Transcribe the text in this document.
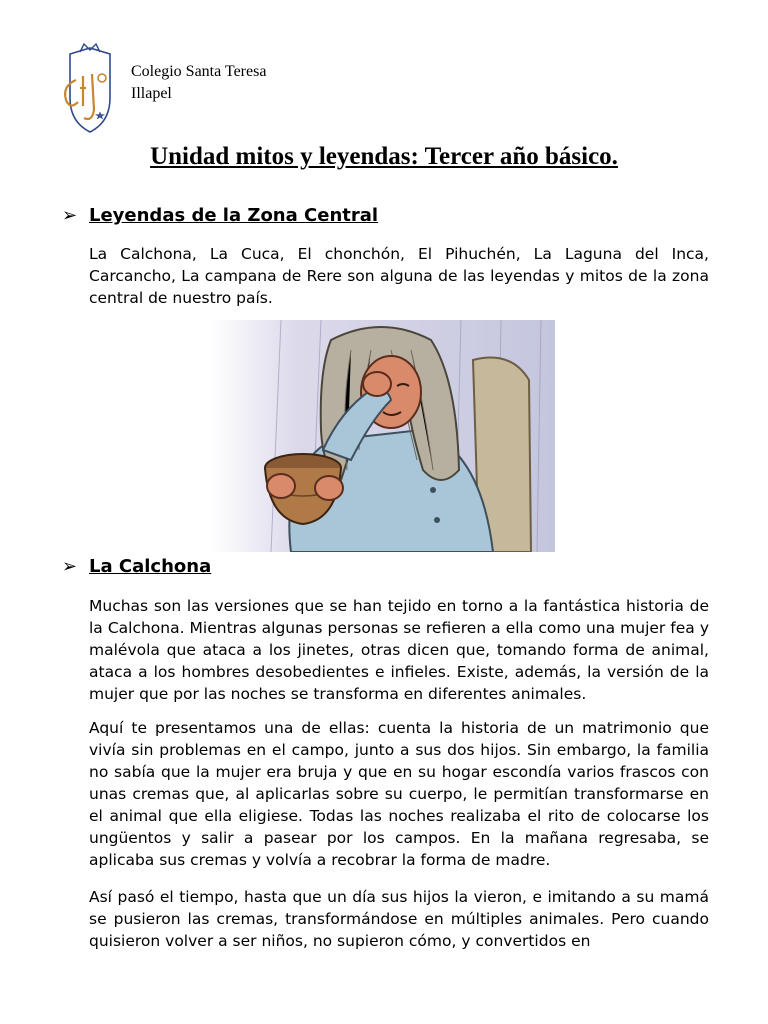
Colegio Santa Teresa
Illapel
Unidad mitos y leyendas: Tercer año básico.
➢ Leyendas de la Zona Central
La Calchona, La Cuca, El chonchón, El Pihuchén, La Laguna del Inca, Carcancho, La campana de Rere son alguna de las leyendas y mitos de la zona central de nuestro país.
➢ La Calchona
Muchas son las versiones que se han tejido en torno a la fantástica historia de la Calchona. Mientras algunas personas se refieren a ella como una mujer fea y malévola que ataca a los jinetes, otras dicen que, tomando forma de animal, ataca a los hombres desobedientes e infieles. Existe, además, la versión de la mujer que por las noches se transforma en diferentes animales.
Aquí te presentamos una de ellas: cuenta la historia de un matrimonio que vivía sin problemas en el campo, junto a sus dos hijos. Sin embargo, la familia no sabía que la mujer era bruja y que en su hogar escondía varios frascos con unas cremas que, al aplicarlas sobre su cuerpo, le permitían transformarse en el animal que ella eligiese. Todas las noches realizaba el rito de colocarse los ungüentos y salir a pasear por los campos. En la mañana regresaba, se aplicaba sus cremas y volvía a recobrar la forma de madre.
Así pasó el tiempo, hasta que un día sus hijos la vieron, e imitando a su mamá se pusieron las cremas, transformándose en múltiples animales. Pero cuando quisieron volver a ser niños, no supieron cómo, y convertidos en
